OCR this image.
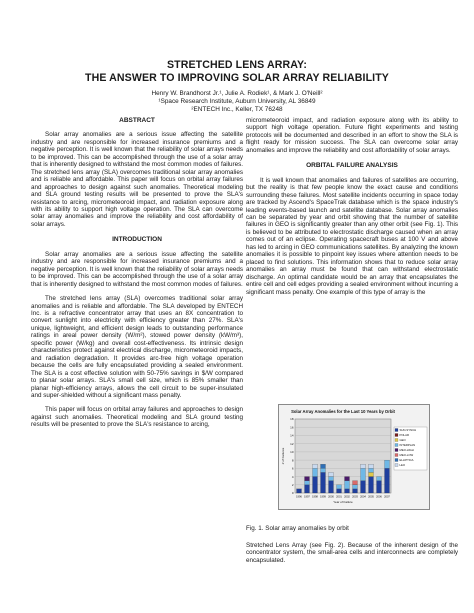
STRETCHED LENS ARRAY:
THE ANSWER TO IMPROVING SOLAR ARRAY RELIABILITY
Henry W. Brandhorst Jr.¹, Julie A. Rodiek¹, & Mark J. O'Neill²
¹Space Research Institute, Auburn University, AL 36849
²ENTECH Inc., Keller, TX 76248
ABSTRACT

Solar array anomalies are a serious issue affecting the satellite industry and are responsible for increased insurance premiums and a negative perception. It is well known that the reliability of solar arrays needs to be improved. This can be accomplished through the use of a solar array that is inherently designed to withstand the most common modes of failures. The stretched lens array (SLA) overcomes traditional solar array anomalies and is reliable and affordable. This paper will focus on orbital array failures and approaches to design against such anomalies. Theoretical modeling and SLA ground testing results will be presented to prove the SLA's resistance to arcing, micrometeoroid impact, and radiation exposure along with its ability to support high voltage operation. The SLA can overcome solar array anomalies and improve the reliability and cost affordability of solar arrays.

INTRODUCTION

Solar array anomalies are a serious issue affecting the satellite industry and are responsible for increased insurance premiums and a negative perception. It is well known that the reliability of solar arrays needs to be improved. This can be accomplished through the use of a solar array that is inherently designed to withstand the most common modes of failures.

The stretched lens array (SLA) overcomes traditional solar array anomalies and is reliable and affordable. The SLA developed by ENTECH Inc. is a refractive concentrator array that uses an 8X concentration to convert sunlight into electricity with efficiency greater than 27%. SLA's unique, lightweight, and efficient design leads to outstanding performance ratings in areal power density (W/m²), stowed power density (kW/m³), specific power (W/kg) and overall cost-effectiveness. Its intrinsic design characteristics protect against electrical discharge, micrometeoroid impacts, and radiation degradation. It provides arc-free high voltage operation because the cells are fully encapsulated providing a sealed environment. The SLA is a cost effective solution with 50-75% savings in $/W compared to planar solar arrays. SLA's small cell size, which is 85% smaller than planar high-efficiency arrays, allows the cell circuit to be super-insulated and super-shielded without a significant mass penalty.

This paper will focus on orbital array failures and approaches to design against such anomalies. Theoretical modeling and SLA ground testing results will be presented to prove the SLA's resistance to arcing,

micrometeoroid impact, and radiation exposure along with its ability to support high voltage operation. Future flight experiments and testing protocols will be documented and described in an effort to show the SLA is flight ready for mission success. The SLA can overcome solar array anomalies and improve the reliability and cost affordability of solar arrays.

ORBITAL FAILURE ANALYSIS

It is well known that anomalies and failures of satellites are occurring, but the reality is that few people know the exact cause and conditions surrounding these failures. Most satellite incidents occurring in space today are tracked by Ascend's SpaceTrak database which is the space industry's leading events-based launch and satellite database. Solar array anomalies can be separated by year and orbit showing that the number of satellite failures in GEO is significantly greater than any other orbit (see Fig. 1). This is believed to be attributed to electrostatic discharge caused when an array comes out of an eclipse. Operating spacecraft buses at 100 V and above has led to arcing in GEO communications satellites. By analyzing the known anomalies it is possible to pinpoint key issues where attention needs to be placed to find solutions. This information shows that to reduce solar array anomalies an array must be found that can withstand electrostatic discharge. An optimal candidate would be an array that encapsulates the entire cell and cell edges providing a sealed environment without incurring a significant mass penalty. One example of this type of array is the

Solar Array Anomalies for the Last 10 Years by Orbit
0
2
4
6
8
10
12
14
16
18
# of Failures
1996 1997 1998 1999 2000 2001 2002 2003 2004 2005 2006 2007
Year of Failure
SUN-SYNCH
POLAR
GEO
INTERPLAN
MEO-HIGH
MEO-LOW
ELLIPTICA
LEO
Fig. 1. Solar array anomalies by orbit

Stretched Lens Array (see Fig. 2). Because of the inherent design of the concentrator system, the small-area cells and interconnects are completely encapsulated.
